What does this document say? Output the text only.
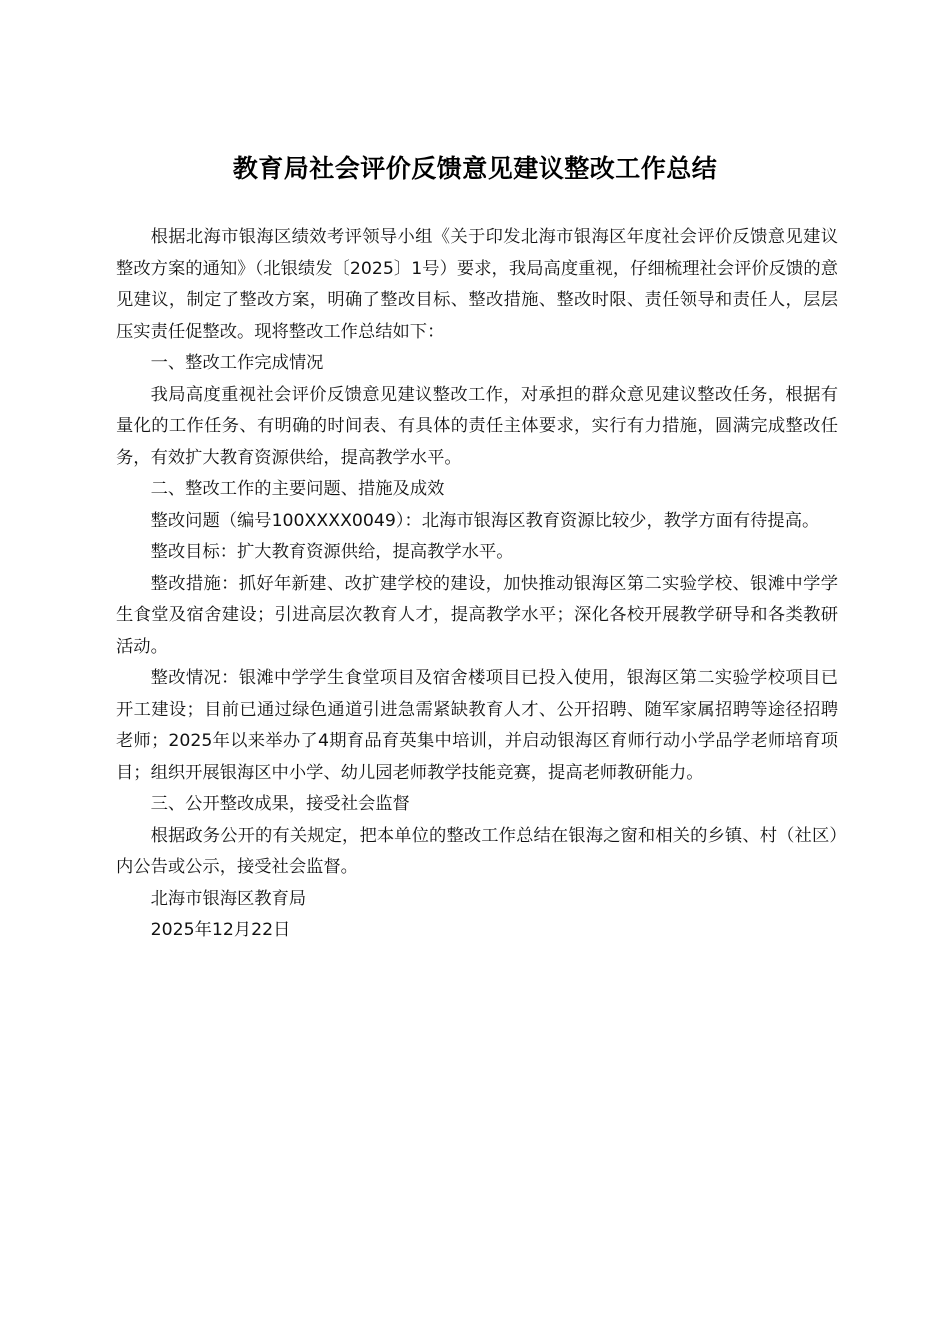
教育局社会评价反馈意见建议整改工作总结

根据北海市银海区绩效考评领导小组《关于印发北海市银海区年度社会评价反馈意见建议整改方案的通知》（北银绩发〔2025〕1号）要求，我局高度重视，仔细梳理社会评价反馈的意见建议，制定了整改方案，明确了整改目标、整改措施、整改时限、责任领导和责任人，层层压实责任促整改。现将整改工作总结如下：

一、整改工作完成情况

我局高度重视社会评价反馈意见建议整改工作，对承担的群众意见建议整改任务，根据有量化的工作任务、有明确的时间表、有具体的责任主体要求，实行有力措施，圆满完成整改任务，有效扩大教育资源供给，提高教学水平。

二、整改工作的主要问题、措施及成效

整改问题（编号100XXXX0049）：北海市银海区教育资源比较少，教学方面有待提高。

整改目标：扩大教育资源供给，提高教学水平。

整改措施：抓好年新建、改扩建学校的建设，加快推动银海区第二实验学校、银滩中学学生食堂及宿舍建设；引进高层次教育人才，提高教学水平；深化各校开展教学研导和各类教研活动。

整改情况：银滩中学学生食堂项目及宿舍楼项目已投入使用，银海区第二实验学校项目已开工建设；目前已通过绿色通道引进急需紧缺教育人才、公开招聘、随军家属招聘等途径招聘老师；2025年以来举办了4期育品育英集中培训，并启动银海区育师行动小学品学老师培育项目；组织开展银海区中小学、幼儿园老师教学技能竞赛，提高老师教研能力。

三、公开整改成果，接受社会监督

根据政务公开的有关规定，把本单位的整改工作总结在银海之窗和相关的乡镇、村（社区）内公告或公示，接受社会监督。

北海市银海区教育局

2025年12月22日
